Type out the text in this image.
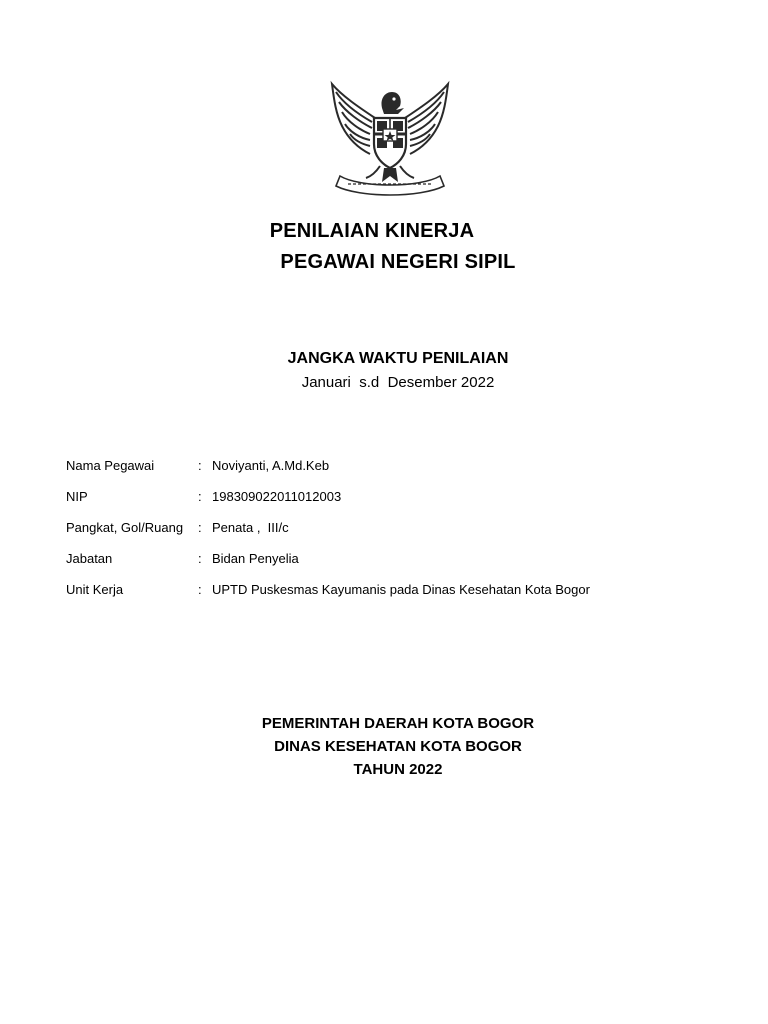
PENILAIAN KINERJA
PEGAWAI NEGERI SIPIL
JANGKA WAKTU PENILAIAN
Januari  s.d  Desember 2022
Nama Pegawai	: Noviyanti, A.Md.Keb
NIP	: 198309022011012003
Pangkat, Gol/Ruang : Penata ,  III/c
Jabatan	: Bidan Penyelia
Unit Kerja	: UPTD Puskesmas Kayumanis pada Dinas Kesehatan Kota Bogor
PEMERINTAH DAERAH KOTA BOGOR
DINAS KESEHATAN KOTA BOGOR
TAHUN 2022
